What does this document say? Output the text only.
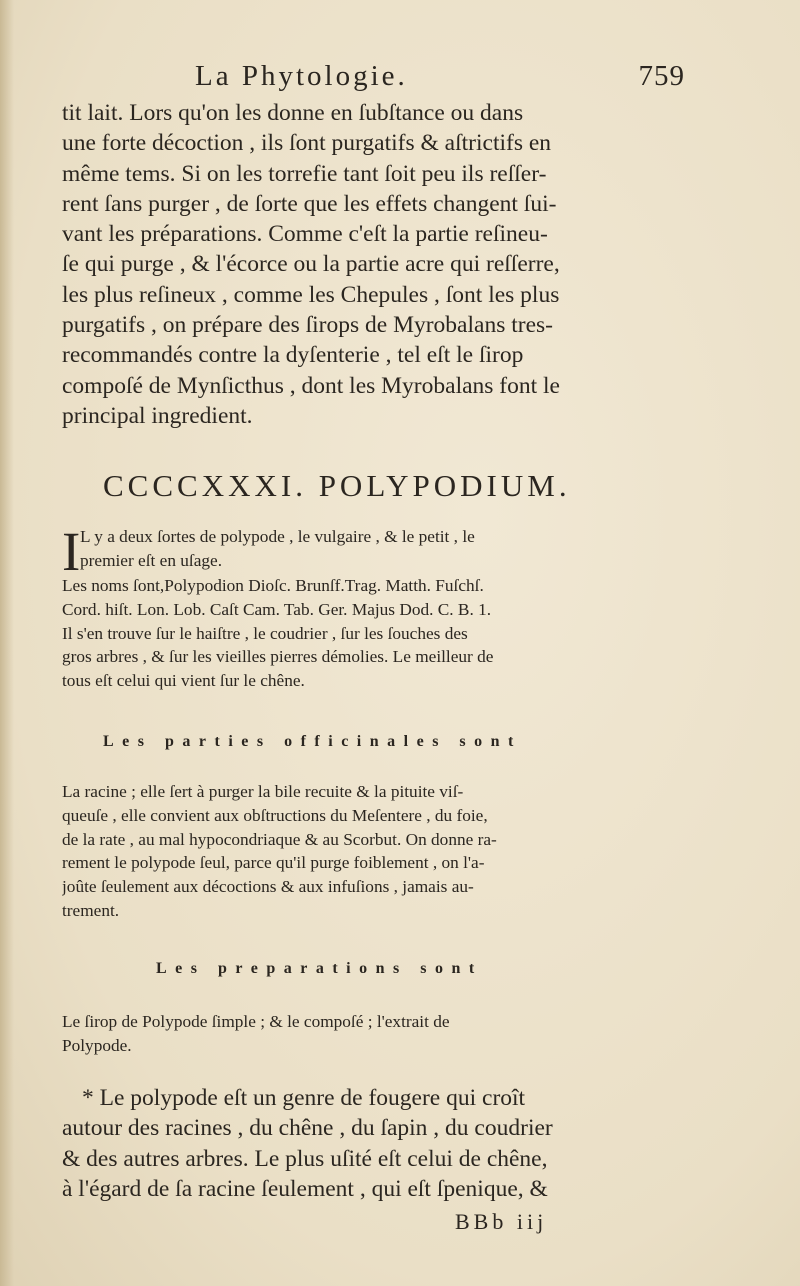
La Phytologie.	759
tit lait. Lors qu'on les donne en ſubſtance ou dans
une forte décoction , ils ſont purgatifs & aſtrictifs en
même tems. Si on les torrefie tant ſoit peu ils reſſer-
rent ſans purger , de ſorte que les effets changent ſui-
vant les préparations. Comme c'eſt la partie reſineu-
ſe qui purge , & l'écorce ou la partie acre qui reſſerre,
les plus reſineux , comme les Chepules , ſont les plus
purgatifs , on prépare des ſirops de Myrobalans tres-
recommandés contre la dyſenterie , tel eſt le ſirop
compoſé de Mynſicthus , dont les Myrobalans font le
principal ingredient.
CCCCXXXI. POLYPODIUM.
I L y a deux ſortes de polypode , le vulgaire , & le petit , le
premier eſt en uſage.
Les noms ſont,Polypodion Dioſc. Brunſf.Trag. Matth. Fuſchſ.
Cord. hiſt. Lon. Lob. Caſt Cam. Tab. Ger. Majus Dod. C. B. 1.
Il s'en trouve ſur le haiſtre , le coudrier , ſur les ſouches des
gros arbres , & ſur les vieilles pierres démolies. Le meilleur de
tous eſt celui qui vient ſur le chêne.
Les parties officinales sont
La racine ; elle ſert à purger la bile recuite & la pituite viſ-
queuſe , elle convient aux obſtructions du Meſentere , du foie,
de la rate , au mal hypocondriaque & au Scorbut. On donne ra-
rement le polypode ſeul, parce qu'il purge foiblement , on l'a-
joûte ſeulement aux décoctions & aux infuſions , jamais au-
trement.
Les preparations sont
Le ſirop de Polypode ſimple ; & le compoſé ; l'extrait de
Polypode.
* Le polypode eſt un genre de fougere qui croît
autour des racines , du chêne , du ſapin , du coudrier
& des autres arbres. Le plus uſité eſt celui de chêne,
à l'égard de ſa racine ſeulement , qui eſt ſpenique, &
BBb iij
